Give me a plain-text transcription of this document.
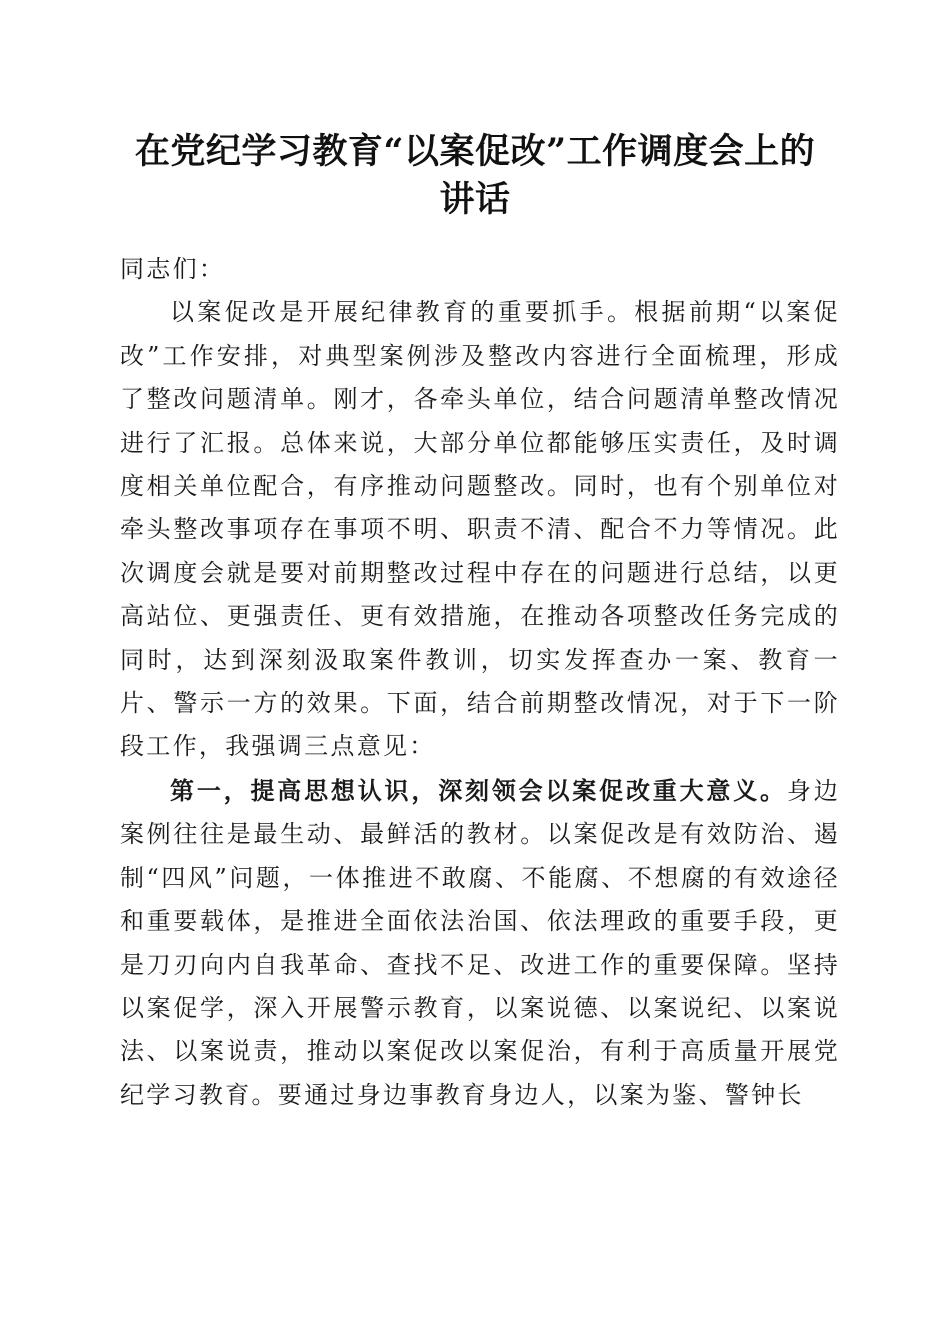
在党纪学习教育“以案促改”工作调度会上的
讲话

同志们：

以案促改是开展纪律教育的重要抓手。根据前期“以案促改”工作安排，对典型案例涉及整改内容进行全面梳理，形成了整改问题清单。刚才，各牵头单位，结合问题清单整改情况进行了汇报。总体来说，大部分单位都能够压实责任，及时调度相关单位配合，有序推动问题整改。同时，也有个别单位对牵头整改事项存在事项不明、职责不清、配合不力等情况。此次调度会就是要对前期整改过程中存在的问题进行总结，以更高站位、更强责任、更有效措施，在推动各项整改任务完成的同时，达到深刻汲取案件教训，切实发挥查办一案、教育一片、警示一方的效果。下面，结合前期整改情况，对于下一阶段工作，我强调三点意见：

第一，提高思想认识，深刻领会以案促改重大意义。身边案例往往是最生动、最鲜活的教材。以案促改是有效防治、遏制“四风”问题，一体推进不敢腐、不能腐、不想腐的有效途径和重要载体，是推进全面依法治国、依法理政的重要手段，更是刀刃向内自我革命、查找不足、改进工作的重要保障。坚持以案促学，深入开展警示教育，以案说德、以案说纪、以案说法、以案说责，推动以案促改以案促治，有利于高质量开展党纪学习教育。要通过身边事教育身边人，以案为鉴、警钟长
